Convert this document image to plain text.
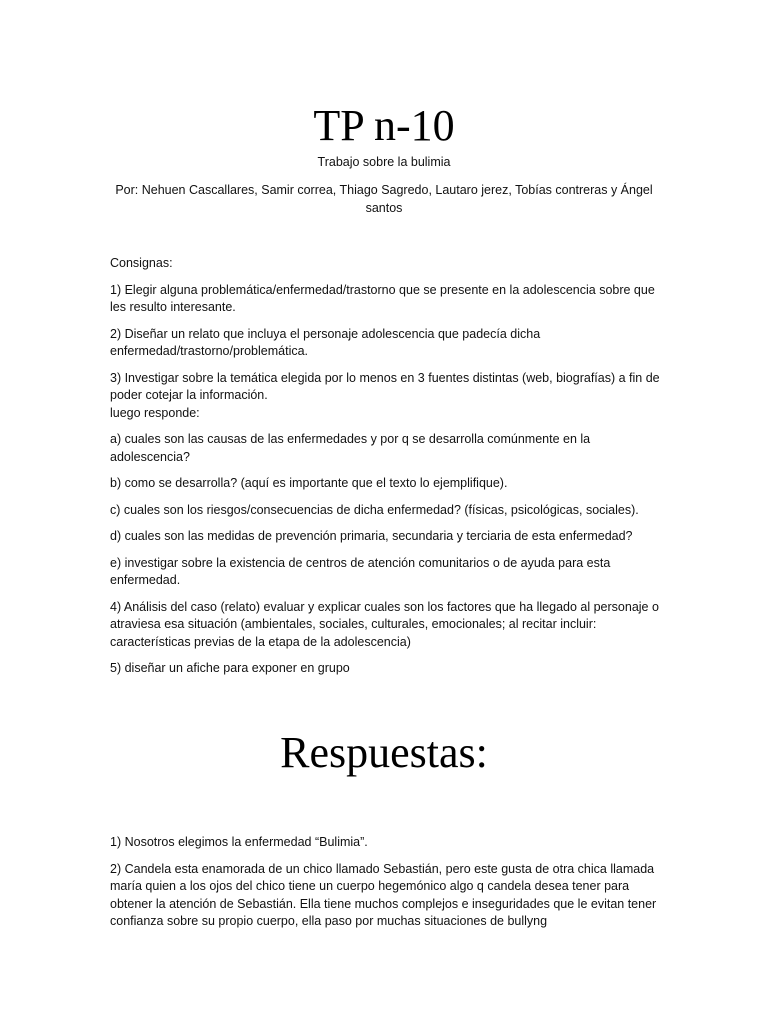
TP n-10
Trabajo sobre la bulimia
Por: Nehuen Cascallares, Samir correa, Thiago Sagredo, Lautaro jerez, Tobías contreras y Ángel santos

Consignas:

1) Elegir alguna problemática/enfermedad/trastorno que se presente en la adolescencia sobre que les resulto interesante.

2) Diseñar un relato que incluya el personaje adolescencia que padecía dicha enfermedad/trastorno/problemática.

3) Investigar sobre la temática elegida por lo menos en 3 fuentes distintas (web, biografías) a fin de poder cotejar la información.

luego responde:

a) cuales son las causas de las enfermedades y por q se desarrolla comúnmente en la adolescencia?

b) como se desarrolla? (aquí es importante que el texto lo ejemplifique).

c) cuales son los riesgos/consecuencias de dicha enfermedad? (físicas, psicológicas, sociales).

d) cuales son las medidas de prevención primaria, secundaria y terciaria de esta enfermedad?

e) investigar sobre la existencia de centros de atención comunitarios o de ayuda para esta enfermedad.

4) Análisis del caso (relato) evaluar y explicar cuales son los factores que ha llegado al personaje o atraviesa esa situación (ambientales, sociales, culturales, emocionales; al recitar incluir: características previas de la etapa de la adolescencia)

5) diseñar un afiche para exponer en grupo

Respuestas:

1) Nosotros elegimos la enfermedad “Bulimia”.

2) Candela esta enamorada de un chico llamado Sebastián, pero este gusta de otra chica llamada maría quien a los ojos del chico tiene un cuerpo hegemónico algo q candela desea tener para obtener la atención de Sebastián. Ella tiene muchos complejos e inseguridades que le evitan tener confianza sobre su propio cuerpo, ella paso por muchas situaciones de bullyng
